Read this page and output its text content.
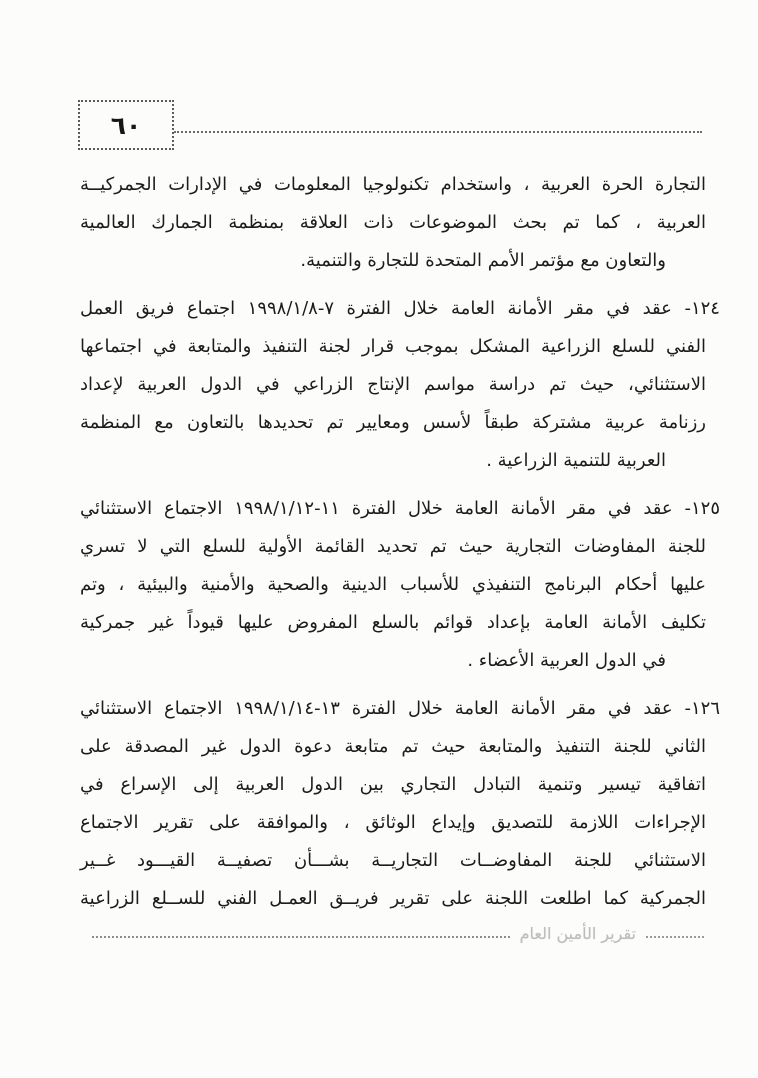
٦٠
التجارة الحرة العربية ، واستخدام تكنولوجيا المعلومات في الإدارات الجمركيــة
العربية ، كما تم بحث الموضوعات ذات العلاقة بمنظمة الجمارك العالمية
والتعاون مع مؤتمر الأمم المتحدة للتجارة والتنمية.
١٢٤- عقد في مقر الأمانة العامة خلال الفترة ٧-١٩٩٨/١/٨ اجتماع فريق العمل
الفني للسلع الزراعية المشكل بموجب قرار لجنة التنفيذ والمتابعة في اجتماعها
الاستثنائي، حيث تم دراسة مواسم الإنتاج الزراعي في الدول العربية لإعداد
رزنامة عربية مشتركة طبقاً لأسس ومعايير تم تحديدها بالتعاون مع المنظمة
العربية للتنمية الزراعية .
١٢٥- عقد في مقر الأمانة العامة خلال الفترة ١١-١٩٩٨/١/١٢ الاجتماع الاستثنائي
للجنة المفاوضات التجارية حيث تم تحديد القائمة الأولية للسلع التي لا تسري
عليها أحكام البرنامج التنفيذي للأسباب الدينية والصحية والأمنية والبيئية ، وتم
تكليف الأمانة العامة بإعداد قوائم بالسلع المفروض عليها قيوداً غير جمركية
في الدول العربية الأعضاء .
١٢٦- عقد في مقر الأمانة العامة خلال الفترة ١٣-١٩٩٨/١/١٤ الاجتماع الاستثنائي
الثاني للجنة التنفيذ والمتابعة حيث تم متابعة دعوة الدول غير المصدقة على
اتفاقية تيسير وتنمية التبادل التجاري بين الدول العربية إلى الإسراع في
الإجراءات اللازمة للتصديق وإيداع الوثائق ، والموافقة على تقرير الاجتماع
الاستثنائي للجنة المفاوضــات التجاريــة بشـــأن تصفيــة القيـــود غــير
الجمركية كما اطلعت اللجنة على تقرير فريــق العمـل الفني للســلع الزراعية
تقرير الأمين العام
